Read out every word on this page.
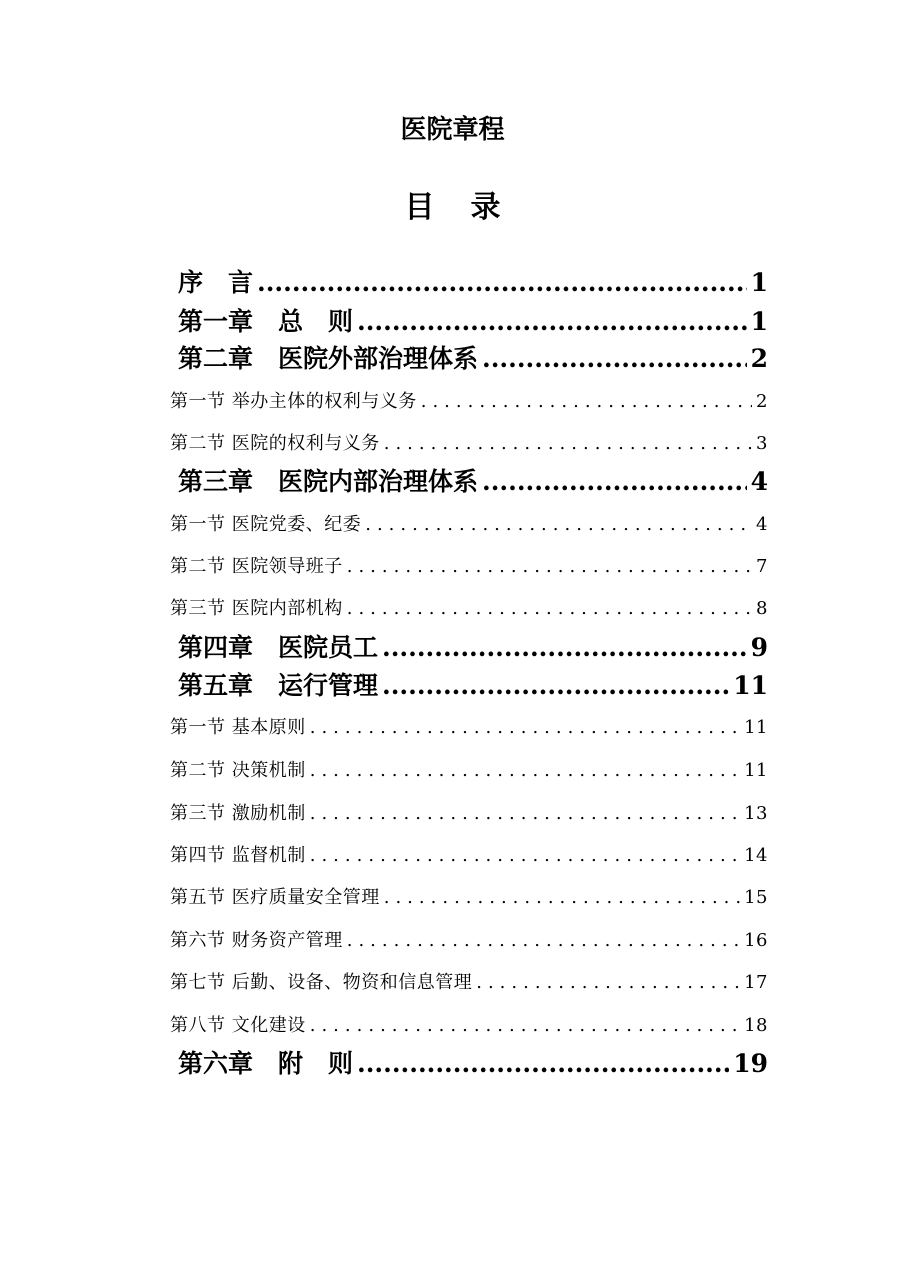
医院章程
目 录
序　言 .....	1
第一章　总　则 .....	1
第二章　医院外部治理体系 .....	2
第一节 举办主体的权利与义务 .....	2
第二节 医院的权利与义务 .....	3
第三章　医院内部治理体系 .....	4
第一节 医院党委、纪委 .....	4
第二节 医院领导班子 .....	7
第三节 医院内部机构 .....	8
第四章　医院员工 .....	9
第五章　运行管理 .....	11
第一节 基本原则 .....	11
第二节 决策机制 .....	11
第三节 激励机制 .....	13
第四节 监督机制 .....	14
第五节 医疗质量安全管理 .....	15
第六节 财务资产管理 .....	16
第七节 后勤、设备、物资和信息管理 .....	17
第八节 文化建设 .....	18
第六章　附　则 .....	19
